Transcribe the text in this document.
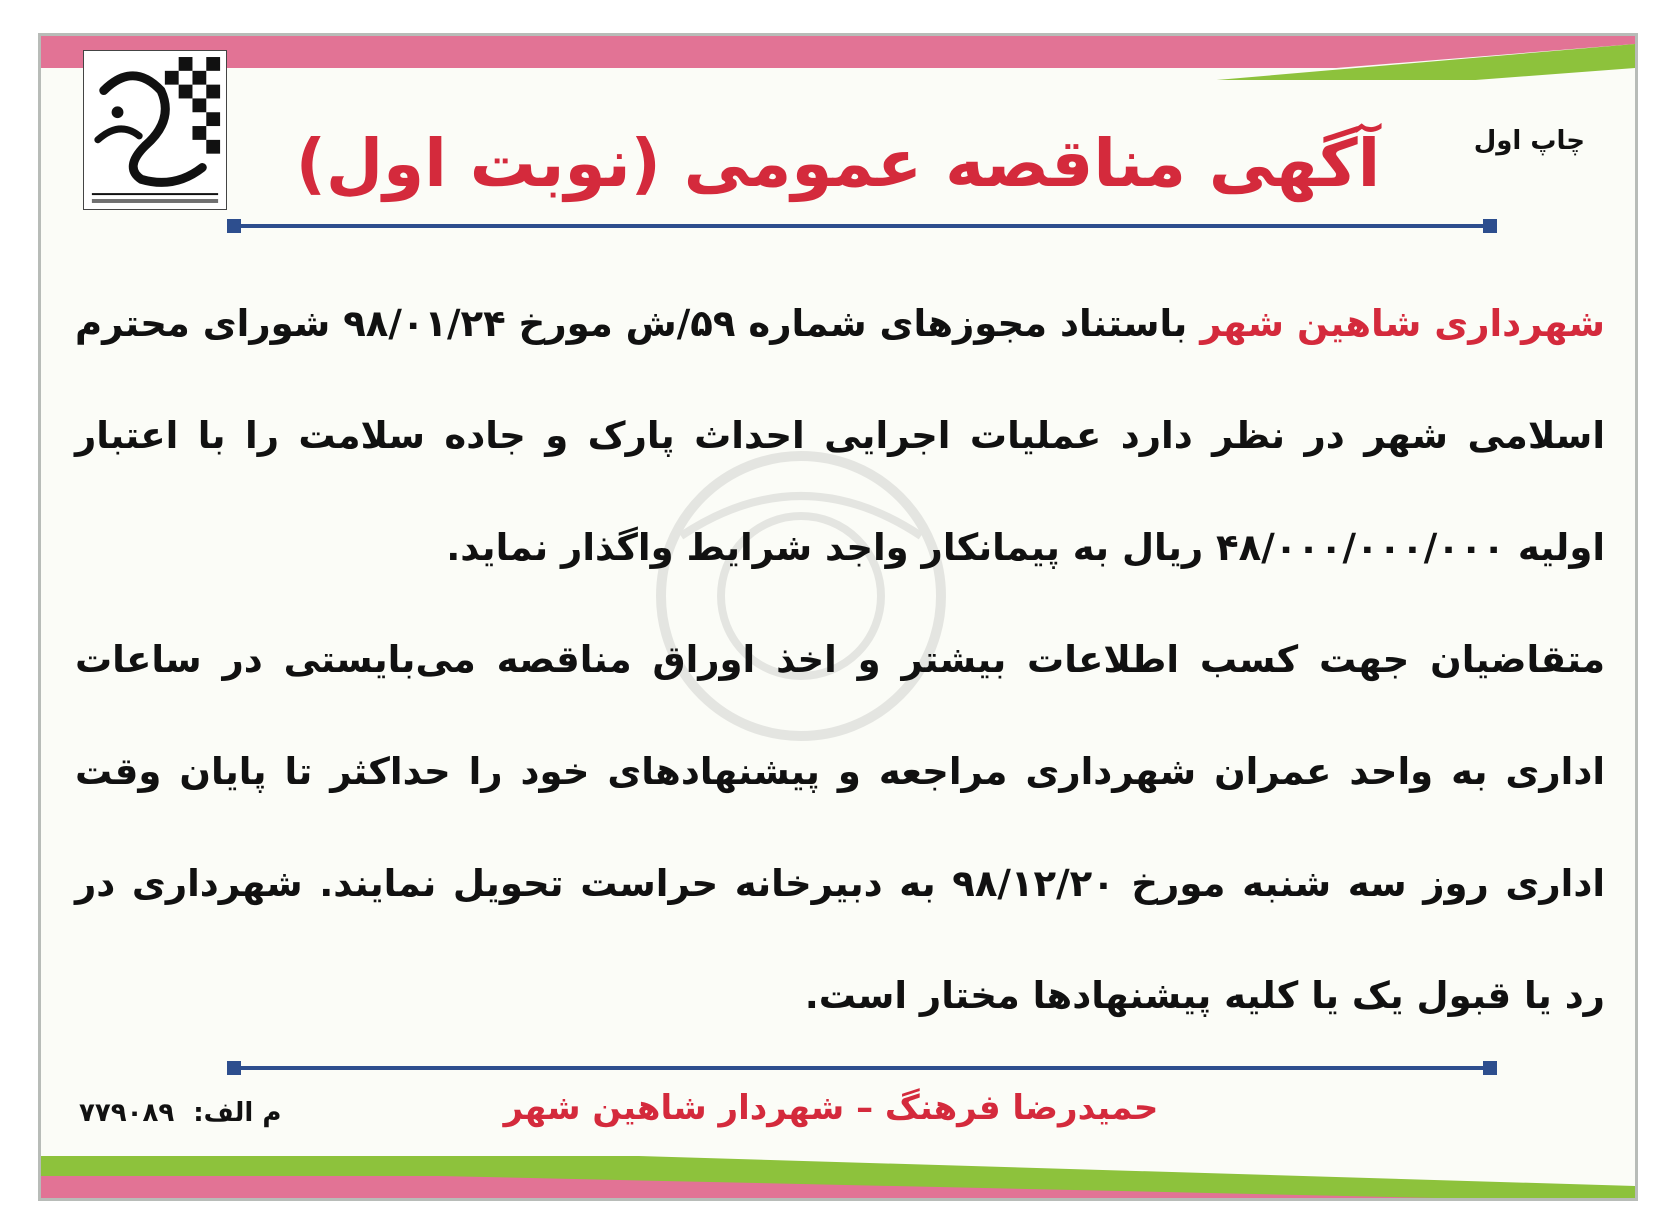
چاپ اول
آگهی مناقصه عمومی (نوبت اول)

شهرداری شاهین شهر باستناد مجوزهای شماره ۵۹/ش مورخ ۹۸/۰۱/۲۴ شورای محترم اسلامی شهر در نظر دارد عملیات اجرایی احداث پارک و جاده سلامت را با اعتبار اولیه ۴۸/۰۰۰/۰۰۰/۰۰۰ ریال به پیمانکار واجد شرایط واگذار نماید.

متقاضیان جهت کسب اطلاعات بیشتر و اخذ اوراق مناقصه می‌بایستی در ساعات اداری به واحد عمران شهرداری مراجعه و پیشنهادهای خود را حداکثر تا پایان وقت اداری روز سه شنبه مورخ ۹۸/۱۲/۲۰ به دبیرخانه حراست تحویل نمایند. شهرداری در رد یا قبول یک یا کلیه پیشنهادها مختار است.

حمیدرضا فرهنگ – شهردار شاهین شهر
م الف: ۷۷۹۰۸۹
